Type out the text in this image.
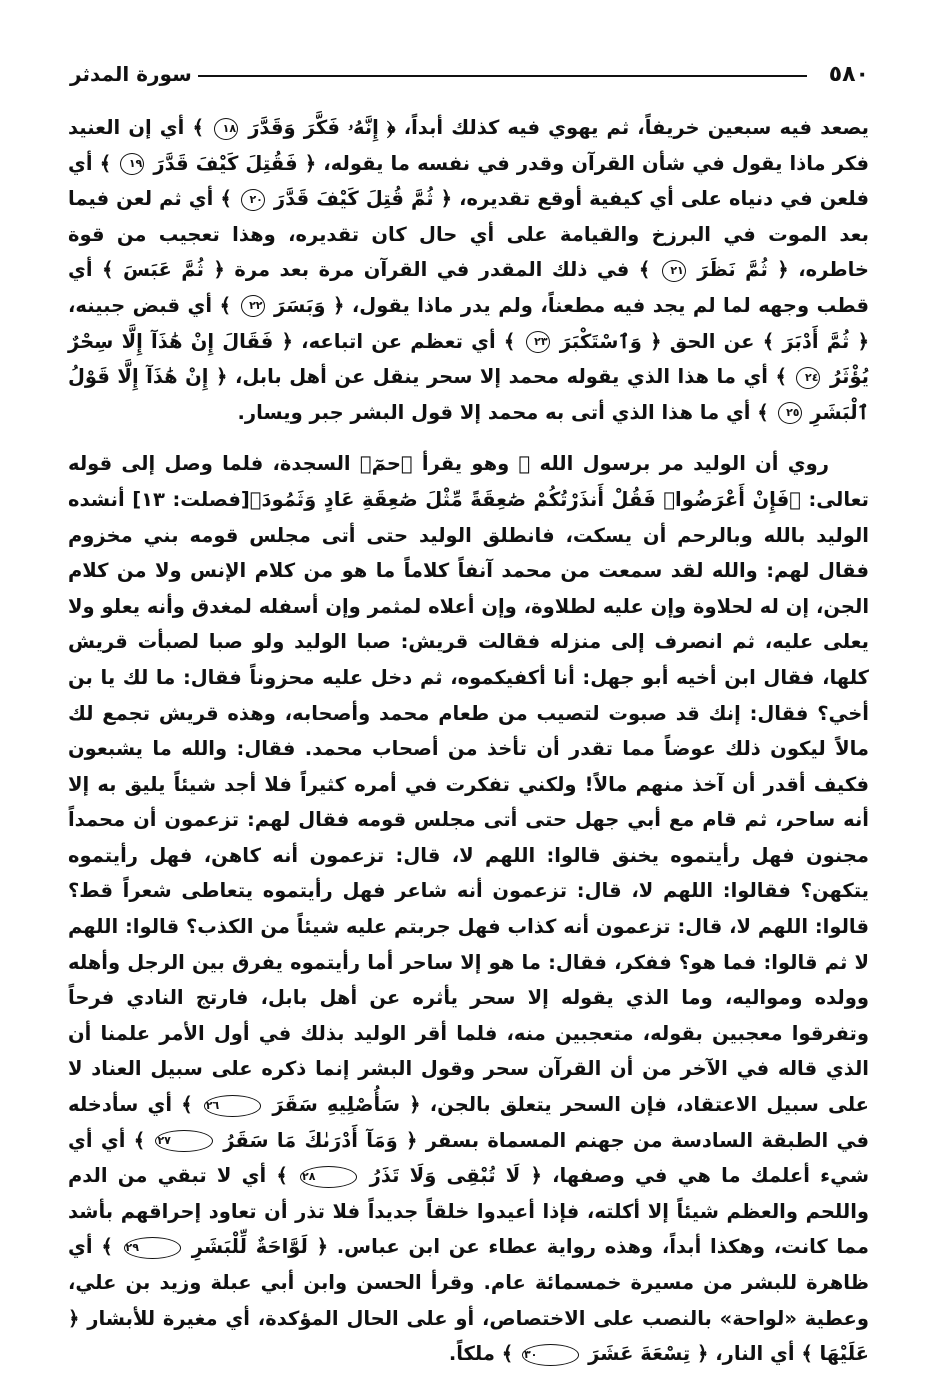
٥٨٠
سورة المدثر

يصعد فيه سبعين خريفاً، ثم يهوي فيه كذلك أبداً، ﴿ إِنَّهُۥ فَكَّرَ وَقَدَّرَ ١٨ ﴾ أي إن العنيد فكر ماذا يقول في شأن القرآن وقدر في نفسه ما يقوله، ﴿ فَقُتِلَ كَيْفَ قَدَّرَ ١٩ ﴾ أي فلعن في دنياه على أي كيفية أوقع تقديره، ﴿ ثُمَّ قُتِلَ كَيْفَ قَدَّرَ ٢٠ ﴾ أي ثم لعن فيما بعد الموت في البرزخ والقيامة على أي حال كان تقديره، وهذا تعجيب من قوة خاطره، ﴿ ثُمَّ نَظَرَ ٢١ ﴾ في ذلك المقدر في القرآن مرة بعد مرة ﴿ ثُمَّ عَبَسَ ﴾ أي قطب وجهه لما لم يجد فيه مطعناً، ولم يدر ماذا يقول، ﴿ وَبَسَرَ ٢٢ ﴾ أي قبض جبينه، ﴿ ثُمَّ أَدْبَرَ ﴾ عن الحق ﴿ وَٱسْتَكْبَرَ ٢٣ ﴾ أي تعظم عن اتباعه، ﴿ فَقَالَ إِنْ هَٰذَآ إِلَّا سِحْرٌ يُؤْثَرُ ٢٤ ﴾ أي ما هذا الذي يقوله محمد إلا سحر ينقل عن أهل بابل، ﴿ إِنْ هَٰذَآ إِلَّا قَوْلُ ٱلْبَشَرِ ٢٥ ﴾ أي ما هذا الذي أتى به محمد إلا قول البشر جبر ويسار.

روي أن الوليد مر برسول الله ﷺ وهو يقرأ ﴿حمٓ﴾ السجدة، فلما وصل إلى قوله تعالى: ﴿فَإِنْ أَعْرَضُوا۟ فَقُلْ أَنذَرْتُكُمْ صَٰعِقَةً مِّثْلَ صَٰعِقَةِ عَادٍ وَثَمُودَ﴾[فصلت: ١٣] أنشده الوليد بالله وبالرحم أن يسكت، فانطلق الوليد حتى أتى مجلس قومه بني مخزوم فقال لهم: والله لقد سمعت من محمد آنفاً كلاماً ما هو من كلام الإنس ولا من كلام الجن، إن له لحلاوة وإن عليه لطلاوة، وإن أعلاه لمثمر وإن أسفله لمغدق وأنه يعلو ولا يعلى عليه، ثم انصرف إلى منزله فقالت قريش: صبا الوليد ولو صبا لصبأت قريش كلها، فقال ابن أخيه أبو جهل: أنا أكفيكموه، ثم دخل عليه محزوناً فقال: ما لك يا بن أخي؟ فقال: إنك قد صبوت لتصيب من طعام محمد وأصحابه، وهذه قريش تجمع لك مالاً ليكون ذلك عوضاً مما تقدر أن تأخذ من أصحاب محمد. فقال: والله ما يشبعون فكيف أقدر أن آخذ منهم مالاً! ولكني تفكرت في أمره كثيراً فلا أجد شيئاً يليق به إلا أنه ساحر، ثم قام مع أبي جهل حتى أتى مجلس قومه فقال لهم: تزعمون أن محمداً مجنون فهل رأيتموه يخنق قالوا: اللهم لا، قال: تزعمون أنه كاهن، فهل رأيتموه يتكهن؟ فقالوا: اللهم لا، قال: تزعمون أنه شاعر فهل رأيتموه يتعاطى شعراً قط؟ قالوا: اللهم لا، قال: تزعمون أنه كذاب فهل جربتم عليه شيئاً من الكذب؟ قالوا: اللهم لا ثم قالوا: فما هو؟ ففكر، فقال: ما هو إلا ساحر أما رأيتموه يفرق بين الرجل وأهله وولده ومواليه، وما الذي يقوله إلا سحر يأثره عن أهل بابل، فارتج النادي فرحاً وتفرقوا معجبين بقوله، متعجبين منه، فلما أقر الوليد بذلك في أول الأمر علمنا أن الذي قاله في الآخر من أن القرآن سحر وقول البشر إنما ذكره على سبيل العناد لا على سبيل الاعتقاد، فإن السحر يتعلق بالجن، ﴿ سَأُصْلِيهِ سَقَرَ ٢٦ ﴾ أي سأدخله في الطبقة السادسة من جهنم المسماة بسقر ﴿ وَمَآ أَدْرَىٰكَ مَا سَقَرُ ٢٧ ﴾ أي أي شيء أعلمك ما هي في وصفها، ﴿ لَا تُبْقِى وَلَا تَذَرُ ٢٨ ﴾ أي لا تبقي من الدم واللحم والعظم شيئاً إلا أكلته، فإذا أعيدوا خلقاً جديداً فلا تذر أن تعاود إحراقهم بأشد مما كانت، وهكذا أبداً، وهذه رواية عطاء عن ابن عباس. ﴿ لَوَّاحَةٌ لِّلْبَشَرِ ٢٩ ﴾ أي ظاهرة للبشر من مسيرة خمسمائة عام. وقرأ الحسن وابن أبي عبلة وزيد بن علي، وعطية «لواحة» بالنصب على الاختصاص، أو على الحال المؤكدة، أي مغيرة للأبشار ﴿ عَلَيْهَا ﴾ أي النار، ﴿ تِسْعَةَ عَشَرَ ٣٠ ﴾ ملكاً.
